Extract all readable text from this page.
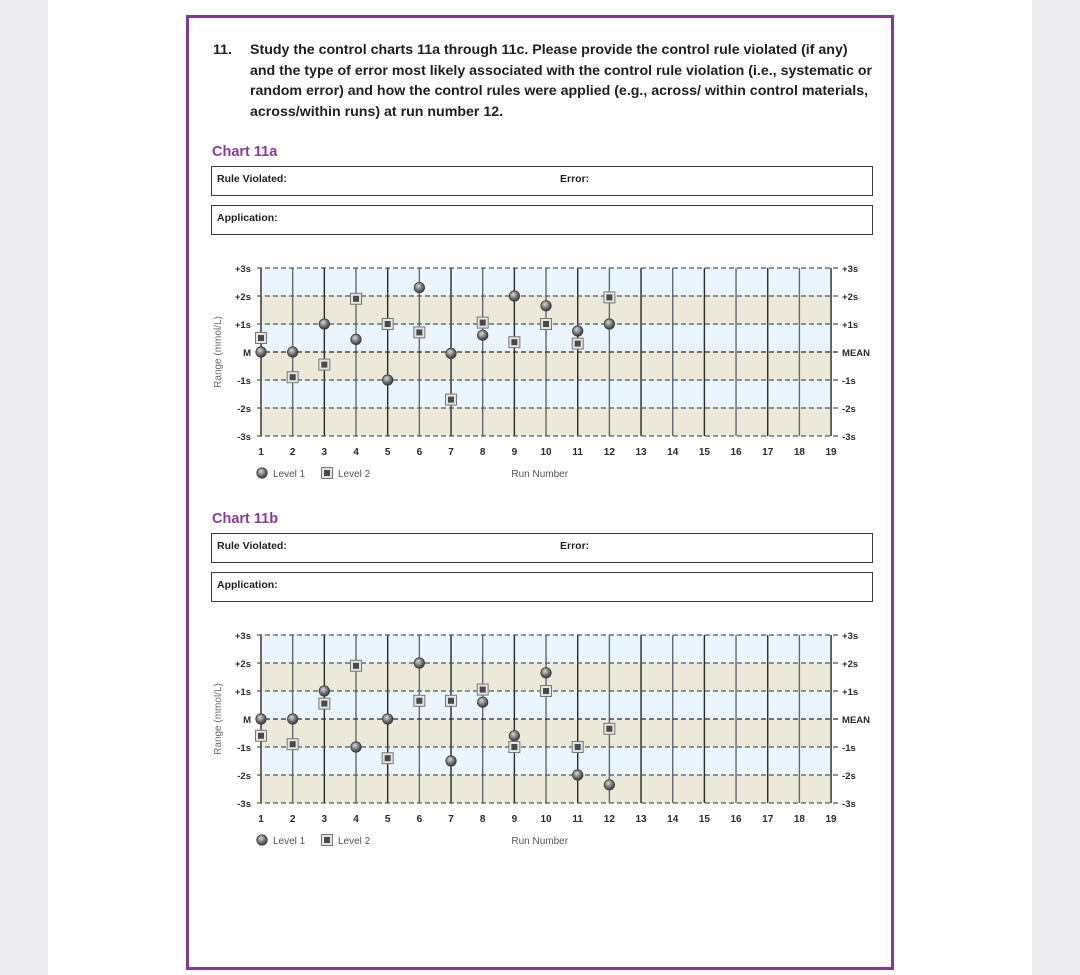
11.	Study the control charts 11a through 11c. Please provide the control rule violated (if any) and the type of error most likely associated with the control rule violation (i.e., systematic or random error) and how the control rules were applied (e.g., across/ within control materials, across/within runs) at run number 12.
Chart 11a
Rule Violated:	Error:
Application:
+3s
+2s
+1s
M
-1s
-2s
-3s
+3s
+2s
+1s
MEAN
-1s
-2s
-3s
Range (mmol/L)
1	2	3	4	5	6	7	8	9 10 11 12 13 14 15 16 17 18 19
Run Number
Level 1	Level 2
Chart 11b
Rule Violated:	Error:
Application:
+3s
+2s
+1s
M
-1s
-2s
-3s
+3s
+2s
+1s
MEAN
-1s
-2s
-3s
Range (mmol/L)
1	2	3	4	5	6	7	8	9 10 11 12 13 14 15 16 17 18 19
Run Number
Level 1	Level 2
